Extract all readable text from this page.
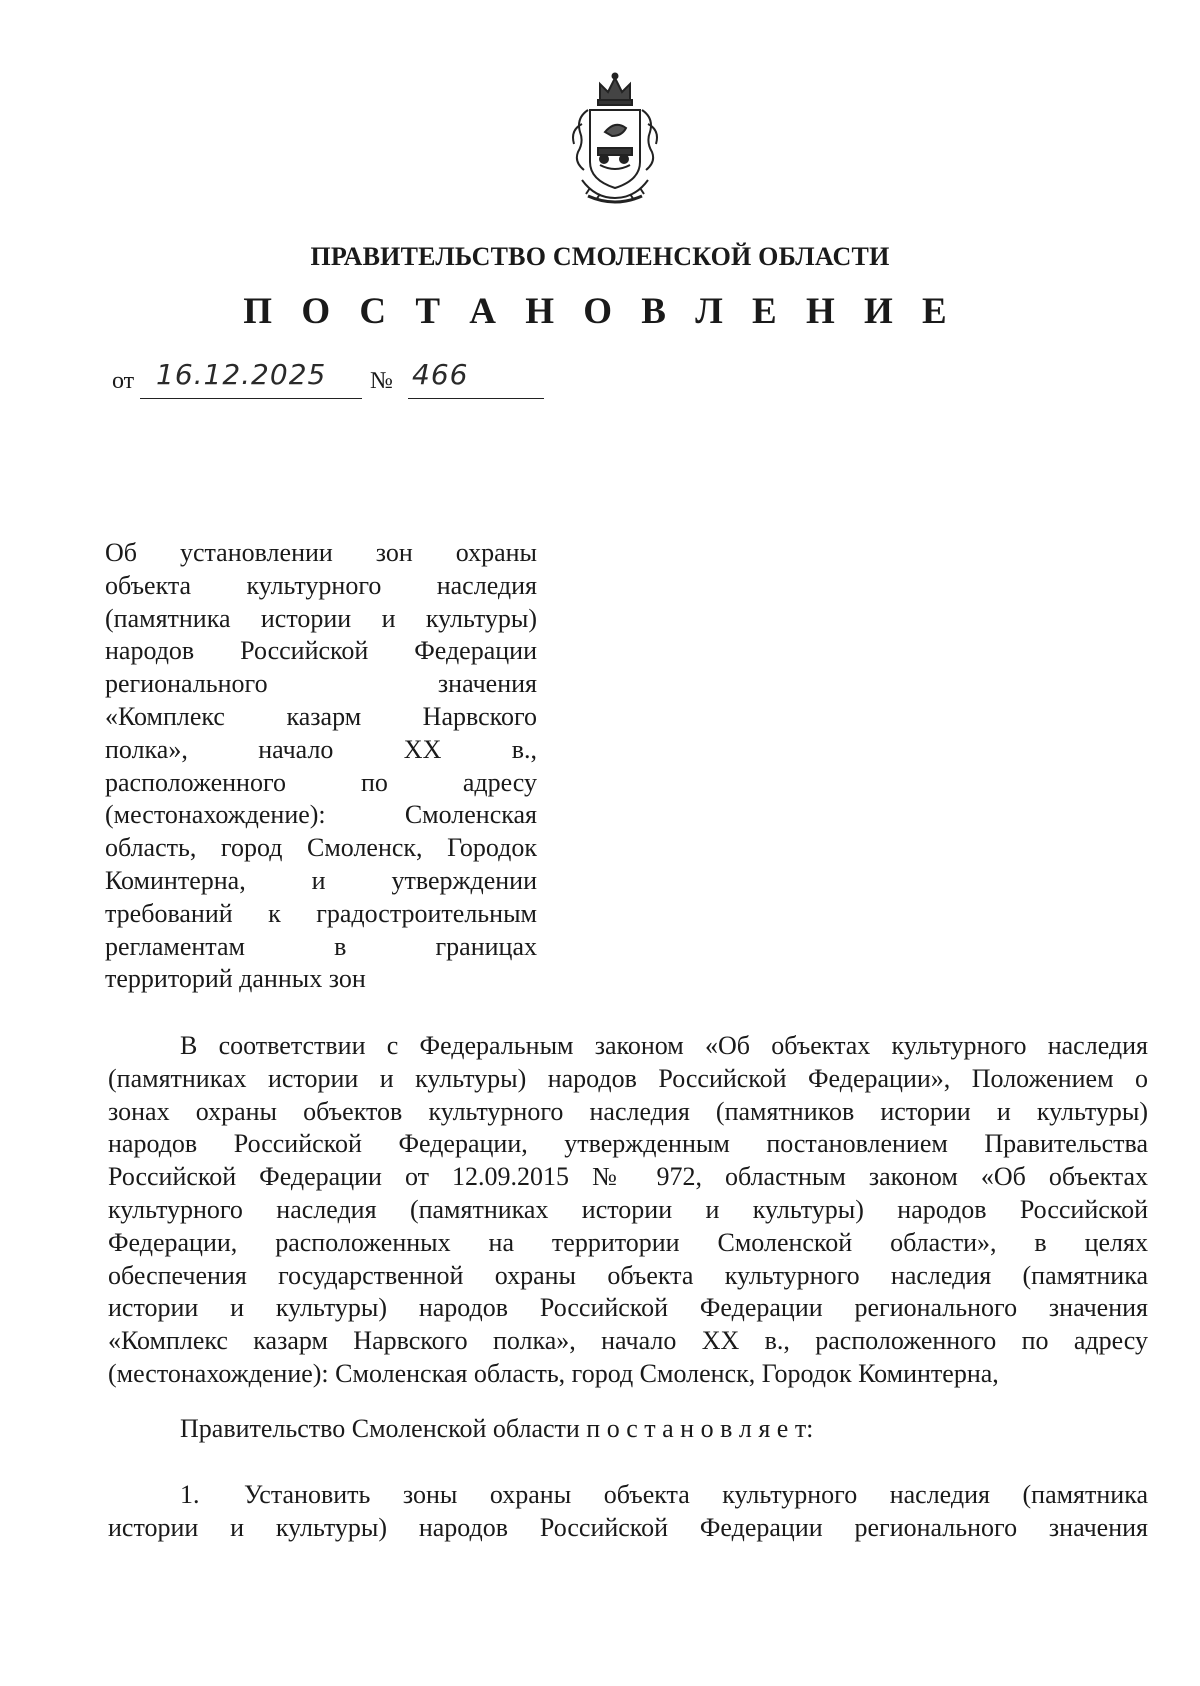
ПРАВИТЕЛЬСТВО СМОЛЕНСКОЙ ОБЛАСТИ
П О С Т А Н О В Л Е Н И Е
от 16.12.2025 № 466
Об установлении зон охраны
объекта культурного наследия
(памятника истории и культуры)
народов Российской Федерации
регионального значения
«Комплекс казарм Нарвского
полка», начало XX в.,
расположенного по адресу
(местонахождение): Смоленская
область, город Смоленск, Городок
Коминтерна, и утверждении
требований к градостроительным
регламентам в границах
территорий данных зон
В соответствии с Федеральным законом «Об объектах культурного наследия
(памятниках истории и культуры) народов Российской Федерации», Положением о
зонах охраны объектов культурного наследия (памятников истории и культуры)
народов Российской Федерации, утвержденным постановлением Правительства
Российской Федерации от 12.09.2015 № 972, областным законом «Об объектах
культурного наследия (памятниках истории и культуры) народов Российской
Федерации, расположенных на территории Смоленской области», в целях
обеспечения государственной охраны объекта культурного наследия (памятника
истории и культуры) народов Российской Федерации регионального значения
«Комплекс казарм Нарвского полка», начало XX в., расположенного по адресу
(местонахождение): Смоленская область, город Смоленск, Городок Коминтерна,
Правительство Смоленской области п о с т а н о в л я е т:
1. Установить зоны охраны объекта культурного наследия (памятника
истории и культуры) народов Российской Федерации регионального значения
